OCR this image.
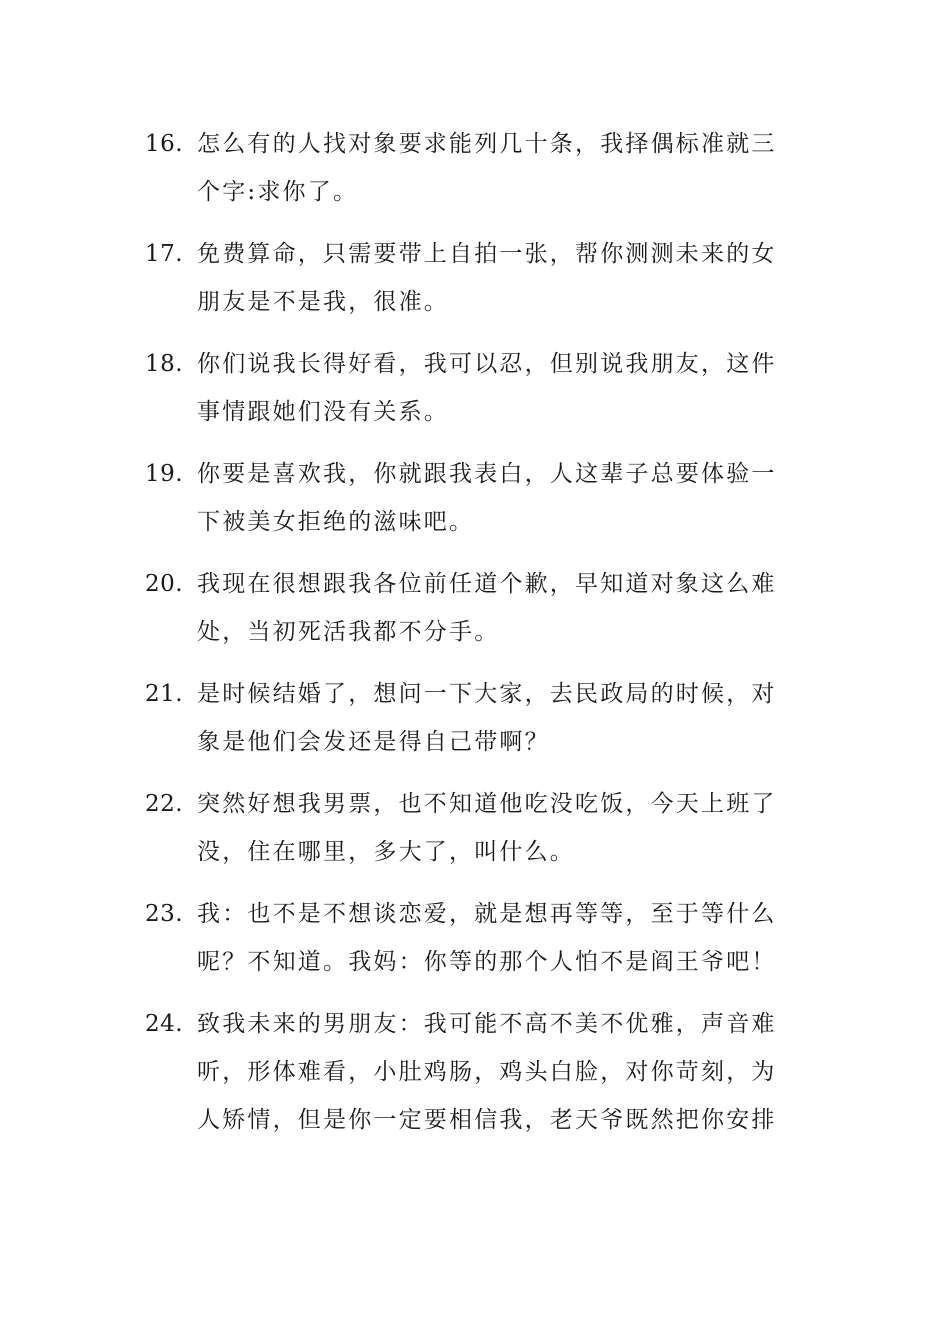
16. 怎么有的人找对象要求能列几十条，我择偶标准就三个字:求你了。
17. 免费算命，只需要带上自拍一张，帮你测测未来的女朋友是不是我，很准。
18. 你们说我长得好看，我可以忍，但别说我朋友，这件事情跟她们没有关系。
19. 你要是喜欢我，你就跟我表白，人这辈子总要体验一下被美女拒绝的滋味吧。
20. 我现在很想跟我各位前任道个歉，早知道对象这么难处，当初死活我都不分手。
21. 是时候结婚了，想问一下大家，去民政局的时候，对象是他们会发还是得自己带啊？
22. 突然好想我男票，也不知道他吃没吃饭，今天上班了没，住在哪里，多大了，叫什么。
23. 我：也不是不想谈恋爱，就是想再等等，至于等什么呢？不知道。我妈：你等的那个人怕不是阎王爷吧！
24. 致我未来的男朋友：我可能不高不美不优雅，声音难听，形体难看，小肚鸡肠，鸡头白脸，对你苛刻，为人矫情，但是你一定要相信我，老天爷既然把你安排
